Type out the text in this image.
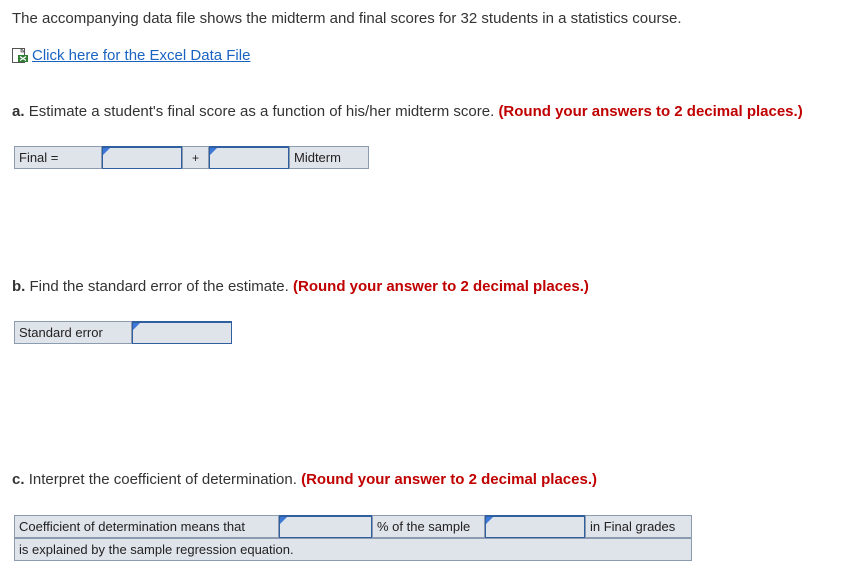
The accompanying data file shows the midterm and final scores for 32 students in a statistics course.
Click here for the Excel Data File
a. Estimate a student's final score as a function of his/her midterm score. (Round your answers to 2 decimal places.)
Final =	+	Midterm
b. Find the standard error of the estimate. (Round your answer to 2 decimal places.)
Standard error
c. Interpret the coefficient of determination. (Round your answer to 2 decimal places.)
Coefficient of determination means that	% of the sample	in Final grades
is explained by the sample regression equation.
